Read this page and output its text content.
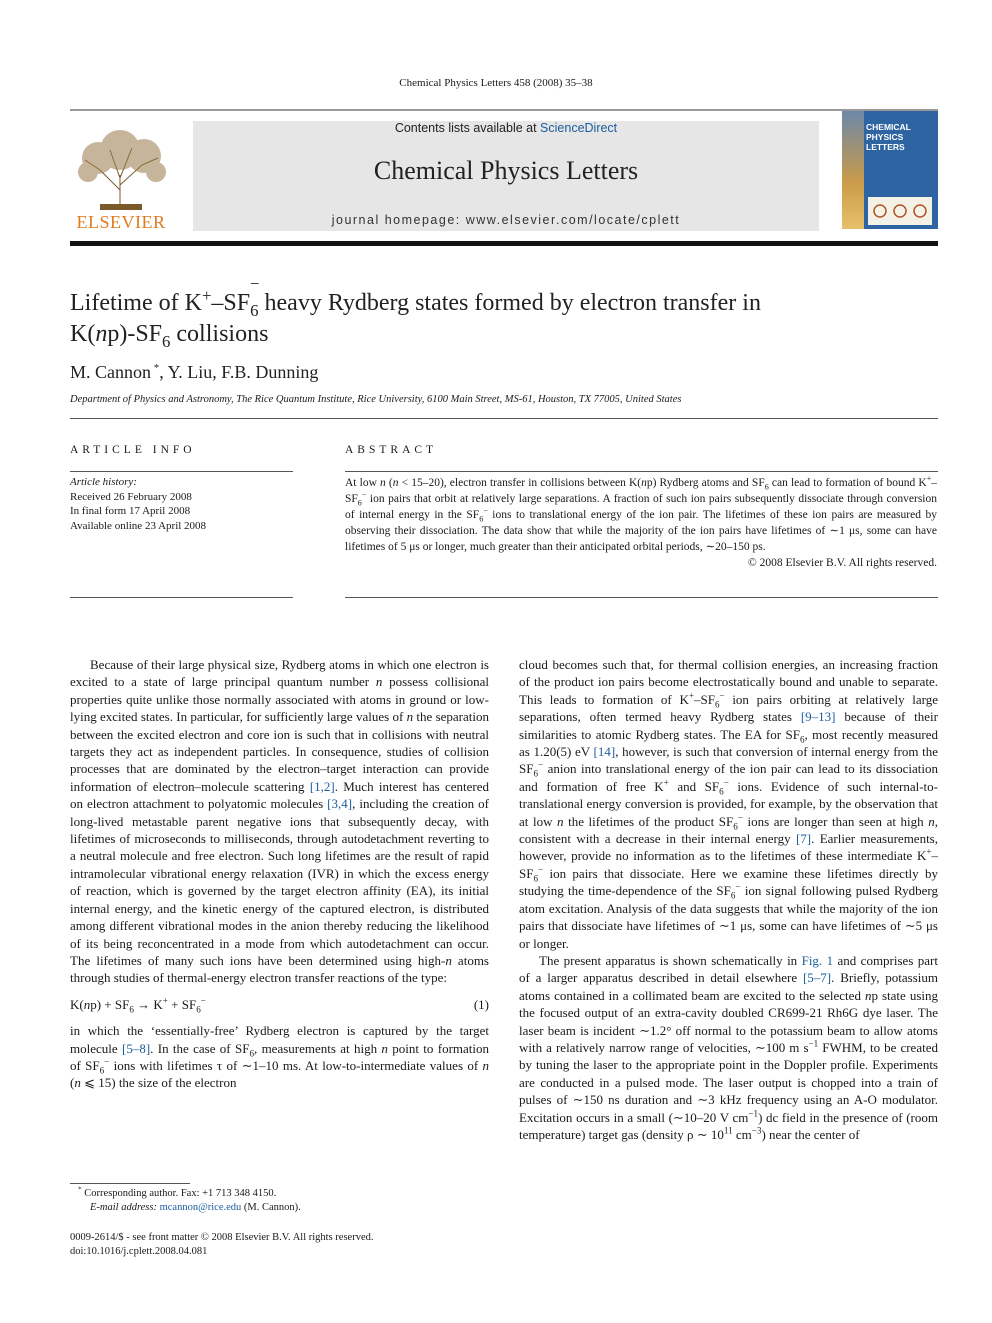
Chemical Physics Letters 458 (2008) 35–38
ELSEVIER
Contents lists available at ScienceDirect
Chemical Physics Letters
journal homepage: www.elsevier.com/locate/cplett
CHEMICAL
PHYSICS
LETTERS
Lifetime of K+–SF
−
$_6$ heavy Rydberg states formed by electron transfer in
$K(np)-SF_6$ collisions
M. Cannon *, Y. Liu, F.B. Dunning
Department of Physics and Astronomy, The Rice Quantum Institute, Rice University, 6100 Main Street, MS-61, Houston, TX 77005, United States
ARTICLE INFO
Article history:
Received 26 February 2008
In final form 17 April 2008
Available online 23 April 2008
ABSTRACT
At low n (n < 15–20), electron transfer in collisions between K(np) Rydberg atoms and $SF_6$ can lead to formation of bound $K^+-SF_6^-$ ion pairs that orbit at relatively large separations. A fraction of such ion pairs subsequently dissociate through conversion of internal energy in the $SF_6^-$ ions to translational energy of the ion pair. The lifetimes of these ion pairs are measured by observing their dissociation. The data show that while the majority of the ion pairs have lifetimes of ∼1 μs, some can have lifetimes of 5 μs or longer, much greater than their anticipated orbital periods, ∼20–150 ps.
© 2008 Elsevier B.V. All rights reserved.

Because of their large physical size, Rydberg atoms in which one electron is excited to a state of large principal quantum number n possess collisional properties quite unlike those normally associated with atoms in ground or low-lying excited states. In particular, for sufficiently large values of n the separation between the excited electron and core ion is such that in collisions with neutral targets they act as independent particles. In consequence, studies of collision processes that are dominated by the electron–target interaction can provide information of electron–molecule scattering [1,2]. Much interest has centered on electron attachment to polyatomic molecules [3,4], including the creation of long-lived metastable parent negative ions that subsequently decay, with lifetimes of microseconds to milliseconds, through autodetachment reverting to a neutral molecule and free electron. Such long lifetimes are the result of rapid intramolecular vibrational energy relaxation (IVR) in which the excess energy of reaction, which is governed by the target electron affinity (EA), its initial internal energy, and the kinetic energy of the captured electron, is distributed among different vibrational modes in the anion thereby reducing the likelihood of its being reconcentrated in a mode from which autodetachment can occur. The lifetimes of many such ions have been determined using high-n atoms through studies of thermal-energy electron transfer reactions of the type:

$K(np) + SF_6 \to K^+ + SF_6^-$	(1)

in which the ‘essentially-free’ Rydberg electron is captured by the target molecule [5–8]. In the case of $SF_6$, measurements at high n point to formation of $SF_6^-$ ions with lifetimes τ of ∼1–10 ms. At low-to-intermediate values of n (n ⩽ 15) the size of the electron

cloud becomes such that, for thermal collision energies, an increasing fraction of the product ion pairs become electrostatically bound and unable to separate. This leads to formation of $K^+-SF_6^-$ ion pairs orbiting at relatively large separations, often termed heavy Rydberg states [9–13] because of their similarities to atomic Rydberg states. The EA for $SF_6$, most recently measured as 1.20(5) eV [14], however, is such that conversion of internal energy from the $SF_6^-$ anion into translational energy of the ion pair can lead to its dissociation and formation of free K+ and $SF_6^-$ ions. Evidence of such internal-to-translational energy conversion is provided, for example, by the observation that at low n the lifetimes of the product $SF_6^-$ ions are longer than seen at high n, consistent with a decrease in their internal energy [7]. Earlier measurements, however, provide no information as to the lifetimes of these intermediate $K^+-SF_6^-$ ion pairs that dissociate. Here we examine these lifetimes directly by studying the time-dependence of the $SF_6^-$ ion signal following pulsed Rydberg atom excitation. Analysis of the data suggests that while the majority of the ion pairs that dissociate have lifetimes of ∼1 μs, some can have lifetimes of ∼5 μs or longer.

The present apparatus is shown schematically in Fig. 1 and comprises part of a larger apparatus described in detail elsewhere [5–7]. Briefly, potassium atoms contained in a collimated beam are excited to the selected np state using the focused output of an extra-cavity doubled CR699-21 Rh6G dye laser. The laser beam is incident ∼1.2° off normal to the potassium beam to allow atoms with a relatively narrow range of velocities, ∼100 m $s^{-1}$ FWHM, to be created by tuning the laser to the appropriate point in the Doppler profile. Experiments are conducted in a pulsed mode. The laser output is chopped into a train of pulses of ∼150 ns duration and ∼3 kHz frequency using an A-O modulator. Excitation occurs in a small (∼10–20 V $cm^{-1}$) dc field in the presence of (room temperature) target gas (density ρ ∼ $10^{11}$ $cm^{-3}$) near the center of

* Corresponding author. Fax: +1 713 348 4150.
E-mail address: mcannon@rice.edu (M. Cannon).
0009-2614/$ - see front matter © 2008 Elsevier B.V. All rights reserved.
doi:10.1016/j.cplett.2008.04.081
